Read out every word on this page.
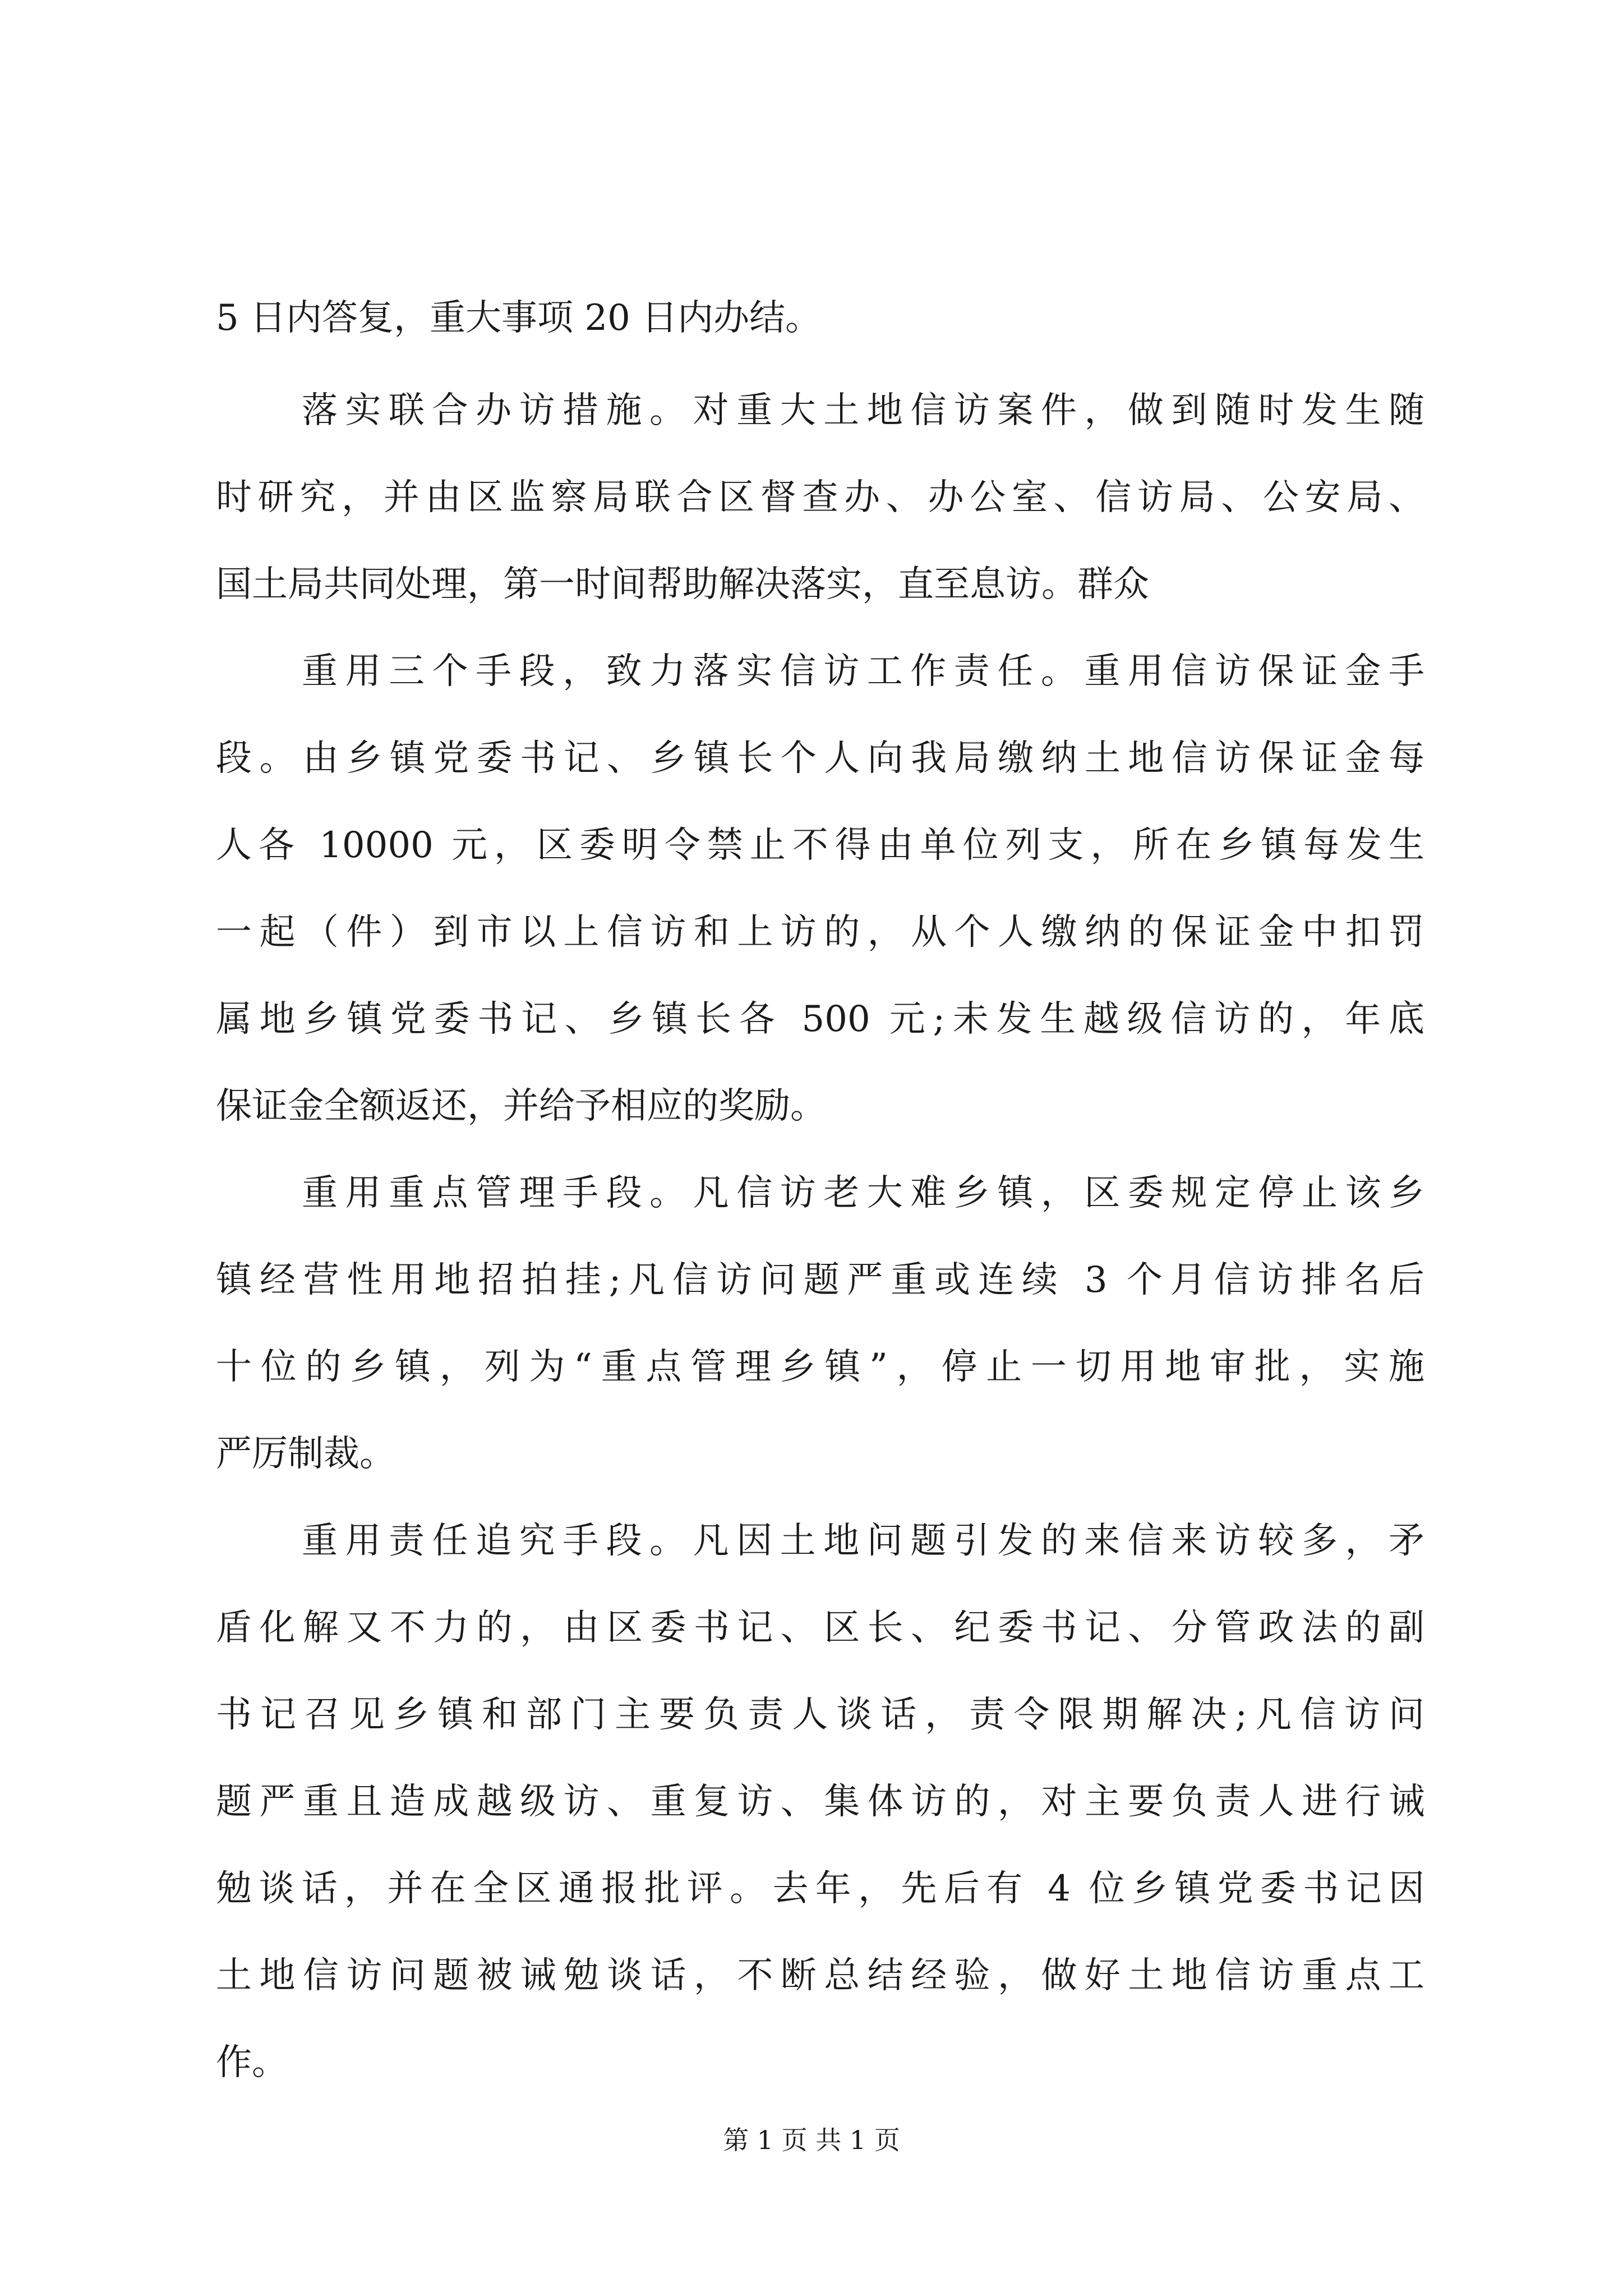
5 日内答复，重大事项 20 日内办结。
落实联合办访措施。对重大土地信访案件，做到随时发生随
时研究，并由区监察局联合区督查办、办公室、信访局、公安局、
国土局共同处理，第一时间帮助解决落实，直至息访。群众
重用三个手段，致力落实信访工作责任。重用信访保证金手
段。由乡镇党委书记、乡镇长个人向我局缴纳土地信访保证金每
人各 10000 元，区委明令禁止不得由单位列支，所在乡镇每发生
一起（件）到市以上信访和上访的，从个人缴纳的保证金中扣罚
属地乡镇党委书记、乡镇长各 500 元;未发生越级信访的，年底
保证金全额返还，并给予相应的奖励。
重用重点管理手段。凡信访老大难乡镇，区委规定停止该乡
镇经营性用地招拍挂;凡信访问题严重或连续 3 个月信访排名后
十位的乡镇，列为“重点管理乡镇”，停止一切用地审批，实施
严厉制裁。
重用责任追究手段。凡因土地问题引发的来信来访较多，矛
盾化解又不力的，由区委书记、区长、纪委书记、分管政法的副
书记召见乡镇和部门主要负责人谈话，责令限期解决;凡信访问
题严重且造成越级访、重复访、集体访的，对主要负责人进行诫
勉谈话，并在全区通报批评。去年，先后有 4 位乡镇党委书记因
土地信访问题被诫勉谈话，不断总结经验，做好土地信访重点工
作。
第 1 页 共 1 页
